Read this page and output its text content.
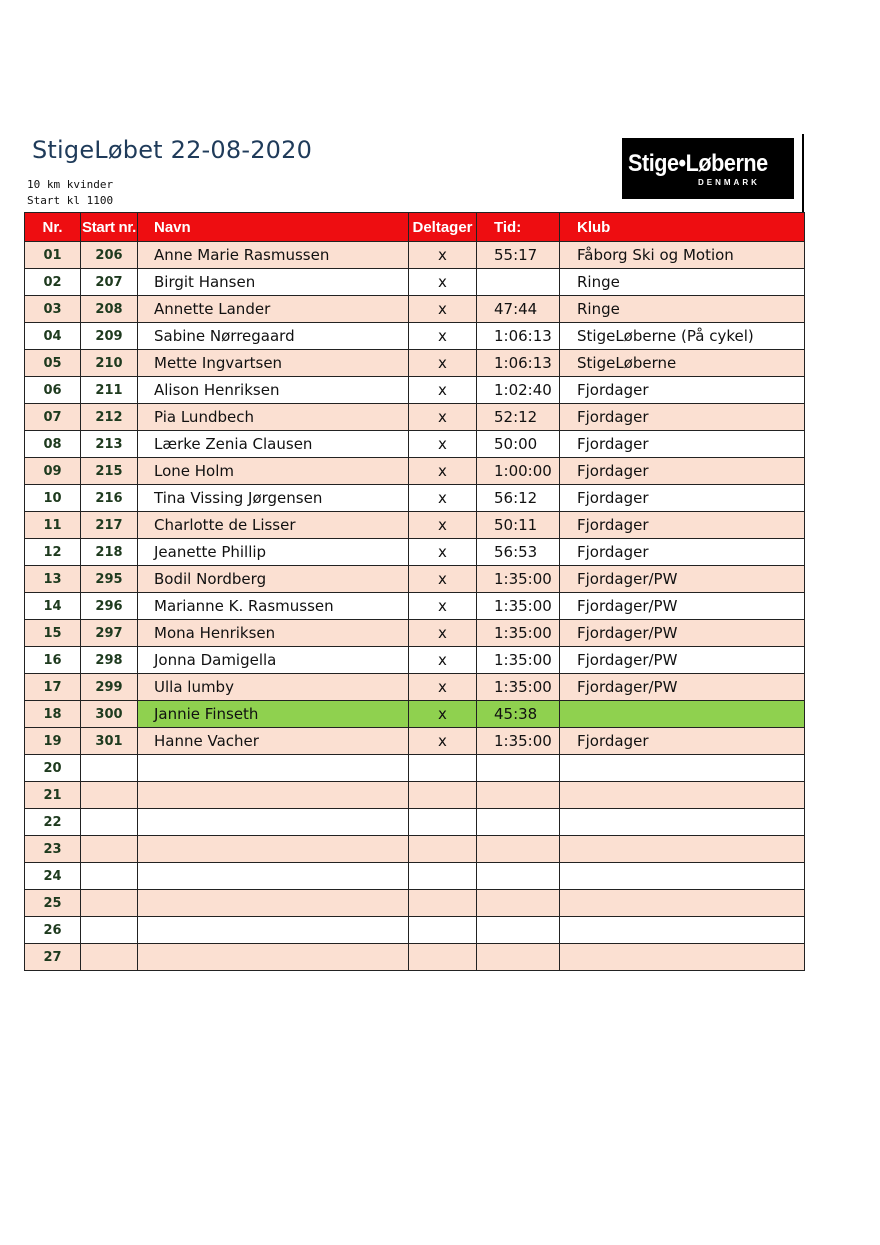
StigeLøbet 22-08-2020
10 km kvinder
Start kl 1100
Stige•Løberne
DENMARK
Nr.	Start nr.	Navn	Deltager	Tid:	Klub
01	206	Anne Marie Rasmussen	x	55:17	Fåborg Ski og Motion
02	207	Birgit Hansen	x		Ringe
03	208	Annette Lander	x	47:44	Ringe
04	209	Sabine Nørregaard	x	1:06:13	StigeLøberne (På cykel)
05	210	Mette Ingvartsen	x	1:06:13	StigeLøberne
06	211	Alison Henriksen	x	1:02:40	Fjordager
07	212	Pia Lundbech	x	52:12	Fjordager
08	213	Lærke Zenia Clausen	x	50:00	Fjordager
09	215	Lone Holm	x	1:00:00	Fjordager
10	216	Tina Vissing Jørgensen	x	56:12	Fjordager
11	217	Charlotte de Lisser	x	50:11	Fjordager
12	218	Jeanette Phillip	x	56:53	Fjordager
13	295	Bodil Nordberg	x	1:35:00	Fjordager/PW
14	296	Marianne K. Rasmussen	x	1:35:00	Fjordager/PW
15	297	Mona Henriksen	x	1:35:00	Fjordager/PW
16	298	Jonna Damigella	x	1:35:00	Fjordager/PW
17	299	Ulla lumby	x	1:35:00	Fjordager/PW
18	300	Jannie Finseth	x	45:38	
19	301	Hanne Vacher	x	1:35:00	Fjordager
20					
21					
22					
23					
24					
25					
26					
27					
